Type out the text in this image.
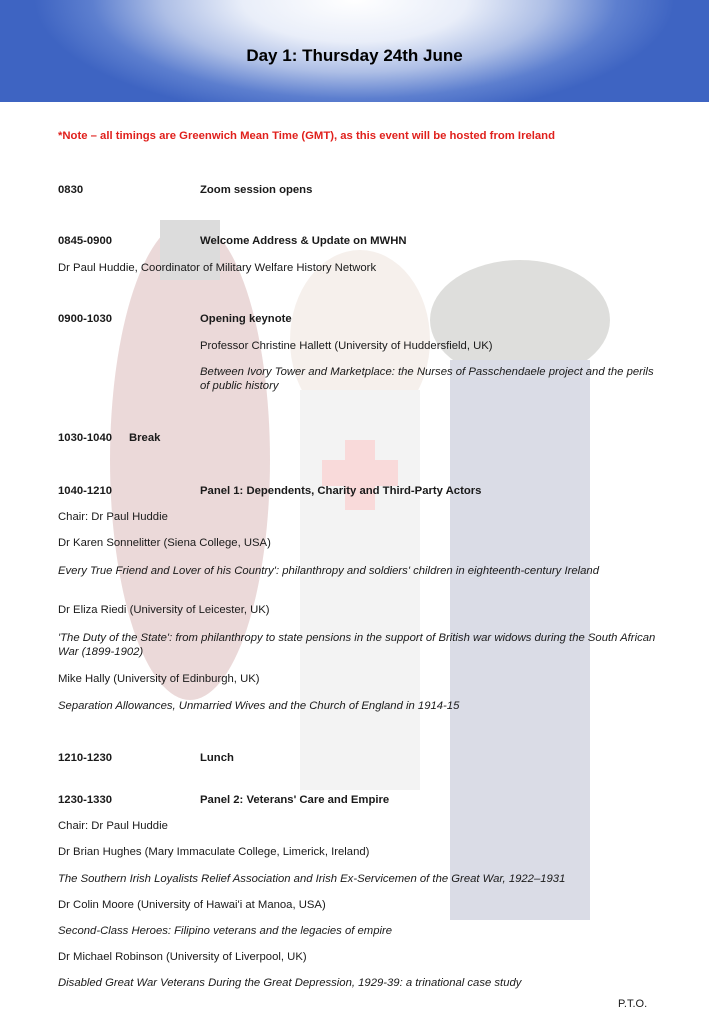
Day 1: Thursday 24th June
*Note – all timings are Greenwich Mean Time (GMT), as this event will be hosted from Ireland
0830	Zoom session opens
0845-0900	Welcome Address & Update on MWHN
Dr Paul Huddie, Coordinator of Military Welfare History Network
0900-1030	Opening keynote
Professor Christine Hallett (University of Huddersfield, UK)
Between Ivory Tower and Marketplace: the Nurses of Passchendaele project and the perils of public history
1030-1040 Break
1040-1210	Panel 1: Dependents, Charity and Third-Party Actors
Chair: Dr Paul Huddie
Dr Karen Sonnelitter (Siena College, USA)
Every True Friend and Lover of his Country': philanthropy and soldiers' children in eighteenth-century Ireland
Dr Eliza Riedi (University of Leicester, UK)
'The Duty of the State': from philanthropy to state pensions in the support of British war widows during the South African War (1899-1902)
Mike Hally (University of Edinburgh, UK)
Separation Allowances, Unmarried Wives and the Church of England in 1914-15
1210-1230	Lunch
1230-1330	Panel 2: Veterans' Care and Empire
Chair: Dr Paul Huddie
Dr Brian Hughes (Mary Immaculate College, Limerick, Ireland)
The Southern Irish Loyalists Relief Association and Irish Ex-Servicemen of the Great War, 1922–1931
Dr Colin Moore (University of Hawai'i at Manoa, USA)
Second-Class Heroes: Filipino veterans and the legacies of empire
Dr Michael Robinson (University of Liverpool, UK)
Disabled Great War Veterans During the Great Depression, 1929-39: a trinational case study
P.T.O.
